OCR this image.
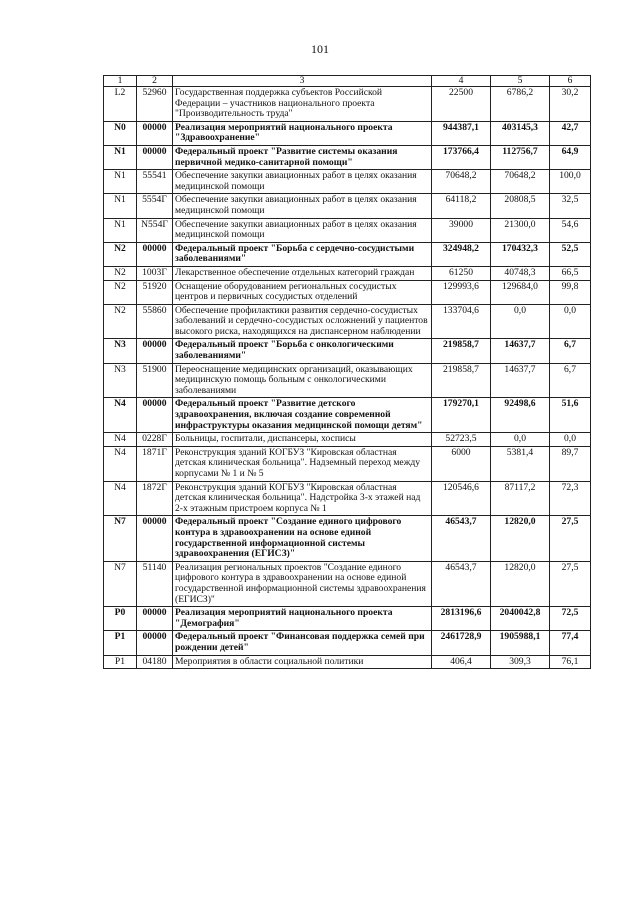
101
1	2	3	4	5	6
L2	52960	Государственная поддержка субъектов Российской Федерации – участников национального проекта "Производительность труда"	22500	6786,2	30,2
N0	00000	Реализация мероприятий национального проекта "Здравоохранение"	944387,1	403145,3	42,7
N1	00000	Федеральный проект "Развитие системы оказания первичной медико-санитарной помощи"	173766,4	112756,7	64,9
N1	55541	Обеспечение закупки авиационных работ в целях оказания медицинской помощи	70648,2	70648,2	100,0
N1	5554Г	Обеспечение закупки авиационных работ в целях оказания медицинской помощи	64118,2	20808,5	32,5
N1	N554Г	Обеспечение закупки авиационных работ в целях оказания медицинской помощи	39000	21300,0	54,6
N2	00000	Федеральный проект "Борьба с сердечно-сосудистыми заболеваниями"	324948,2	170432,3	52,5
N2	1003Г	Лекарственное обеспечение отдельных категорий граждан	61250	40748,3	66,5
N2	51920	Оснащение оборудованием региональных сосудистых центров и первичных сосудистых отделений	129993,6	129684,0	99,8
N2	55860	Обеспечение профилактики развития сердечно-сосудистых заболеваний и сердечно-сосудистых осложнений у пациентов высокого риска, находящихся на диспансерном наблюдении	133704,6	0,0	0,0
N3	00000	Федеральный проект "Борьба с онкологическими заболеваниями"	219858,7	14637,7	6,7
N3	51900	Переоснащение медицинских организаций, оказывающих медицинскую помощь больным с онкологическими заболеваниями	219858,7	14637,7	6,7
N4	00000	Федеральный проект "Развитие детского здравоохранения, включая создание современной инфраструктуры оказания медицинской помощи детям"	179270,1	92498,6	51,6
N4	0228Г	Больницы, госпитали, диспансеры, хосписы	52723,5	0,0	0,0
N4	1871Г	Реконструкция зданий КОГБУЗ "Кировская областная детская клиническая больница". Надземный переход между корпусами № 1 и № 5	6000	5381,4	89,7
N4	1872Г	Реконструкция зданий КОГБУЗ "Кировская областная детская клиническая больница". Надстройка 3-х этажей над 2-х этажным пристроем корпуса № 1	120546,6	87117,2	72,3
N7	00000	Федеральный проект "Создание единого цифрового контура в здравоохранении на основе единой государственной информационной системы здравоохранения (ЕГИСЗ)"	46543,7	12820,0	27,5
N7	51140	Реализация региональных проектов "Создание единого цифрового контура в здравоохранении на основе единой государственной информационной системы здравоохранения (ЕГИСЗ)"	46543,7	12820,0	27,5
P0	00000	Реализация мероприятий национального проекта "Демография"	2813196,6	2040042,8	72,5
P1	00000	Федеральный проект "Финансовая поддержка семей при рождении детей"	2461728,9	1905988,1	77,4
P1	04180	Мероприятия в области социальной политики	406,4	309,3	76,1
